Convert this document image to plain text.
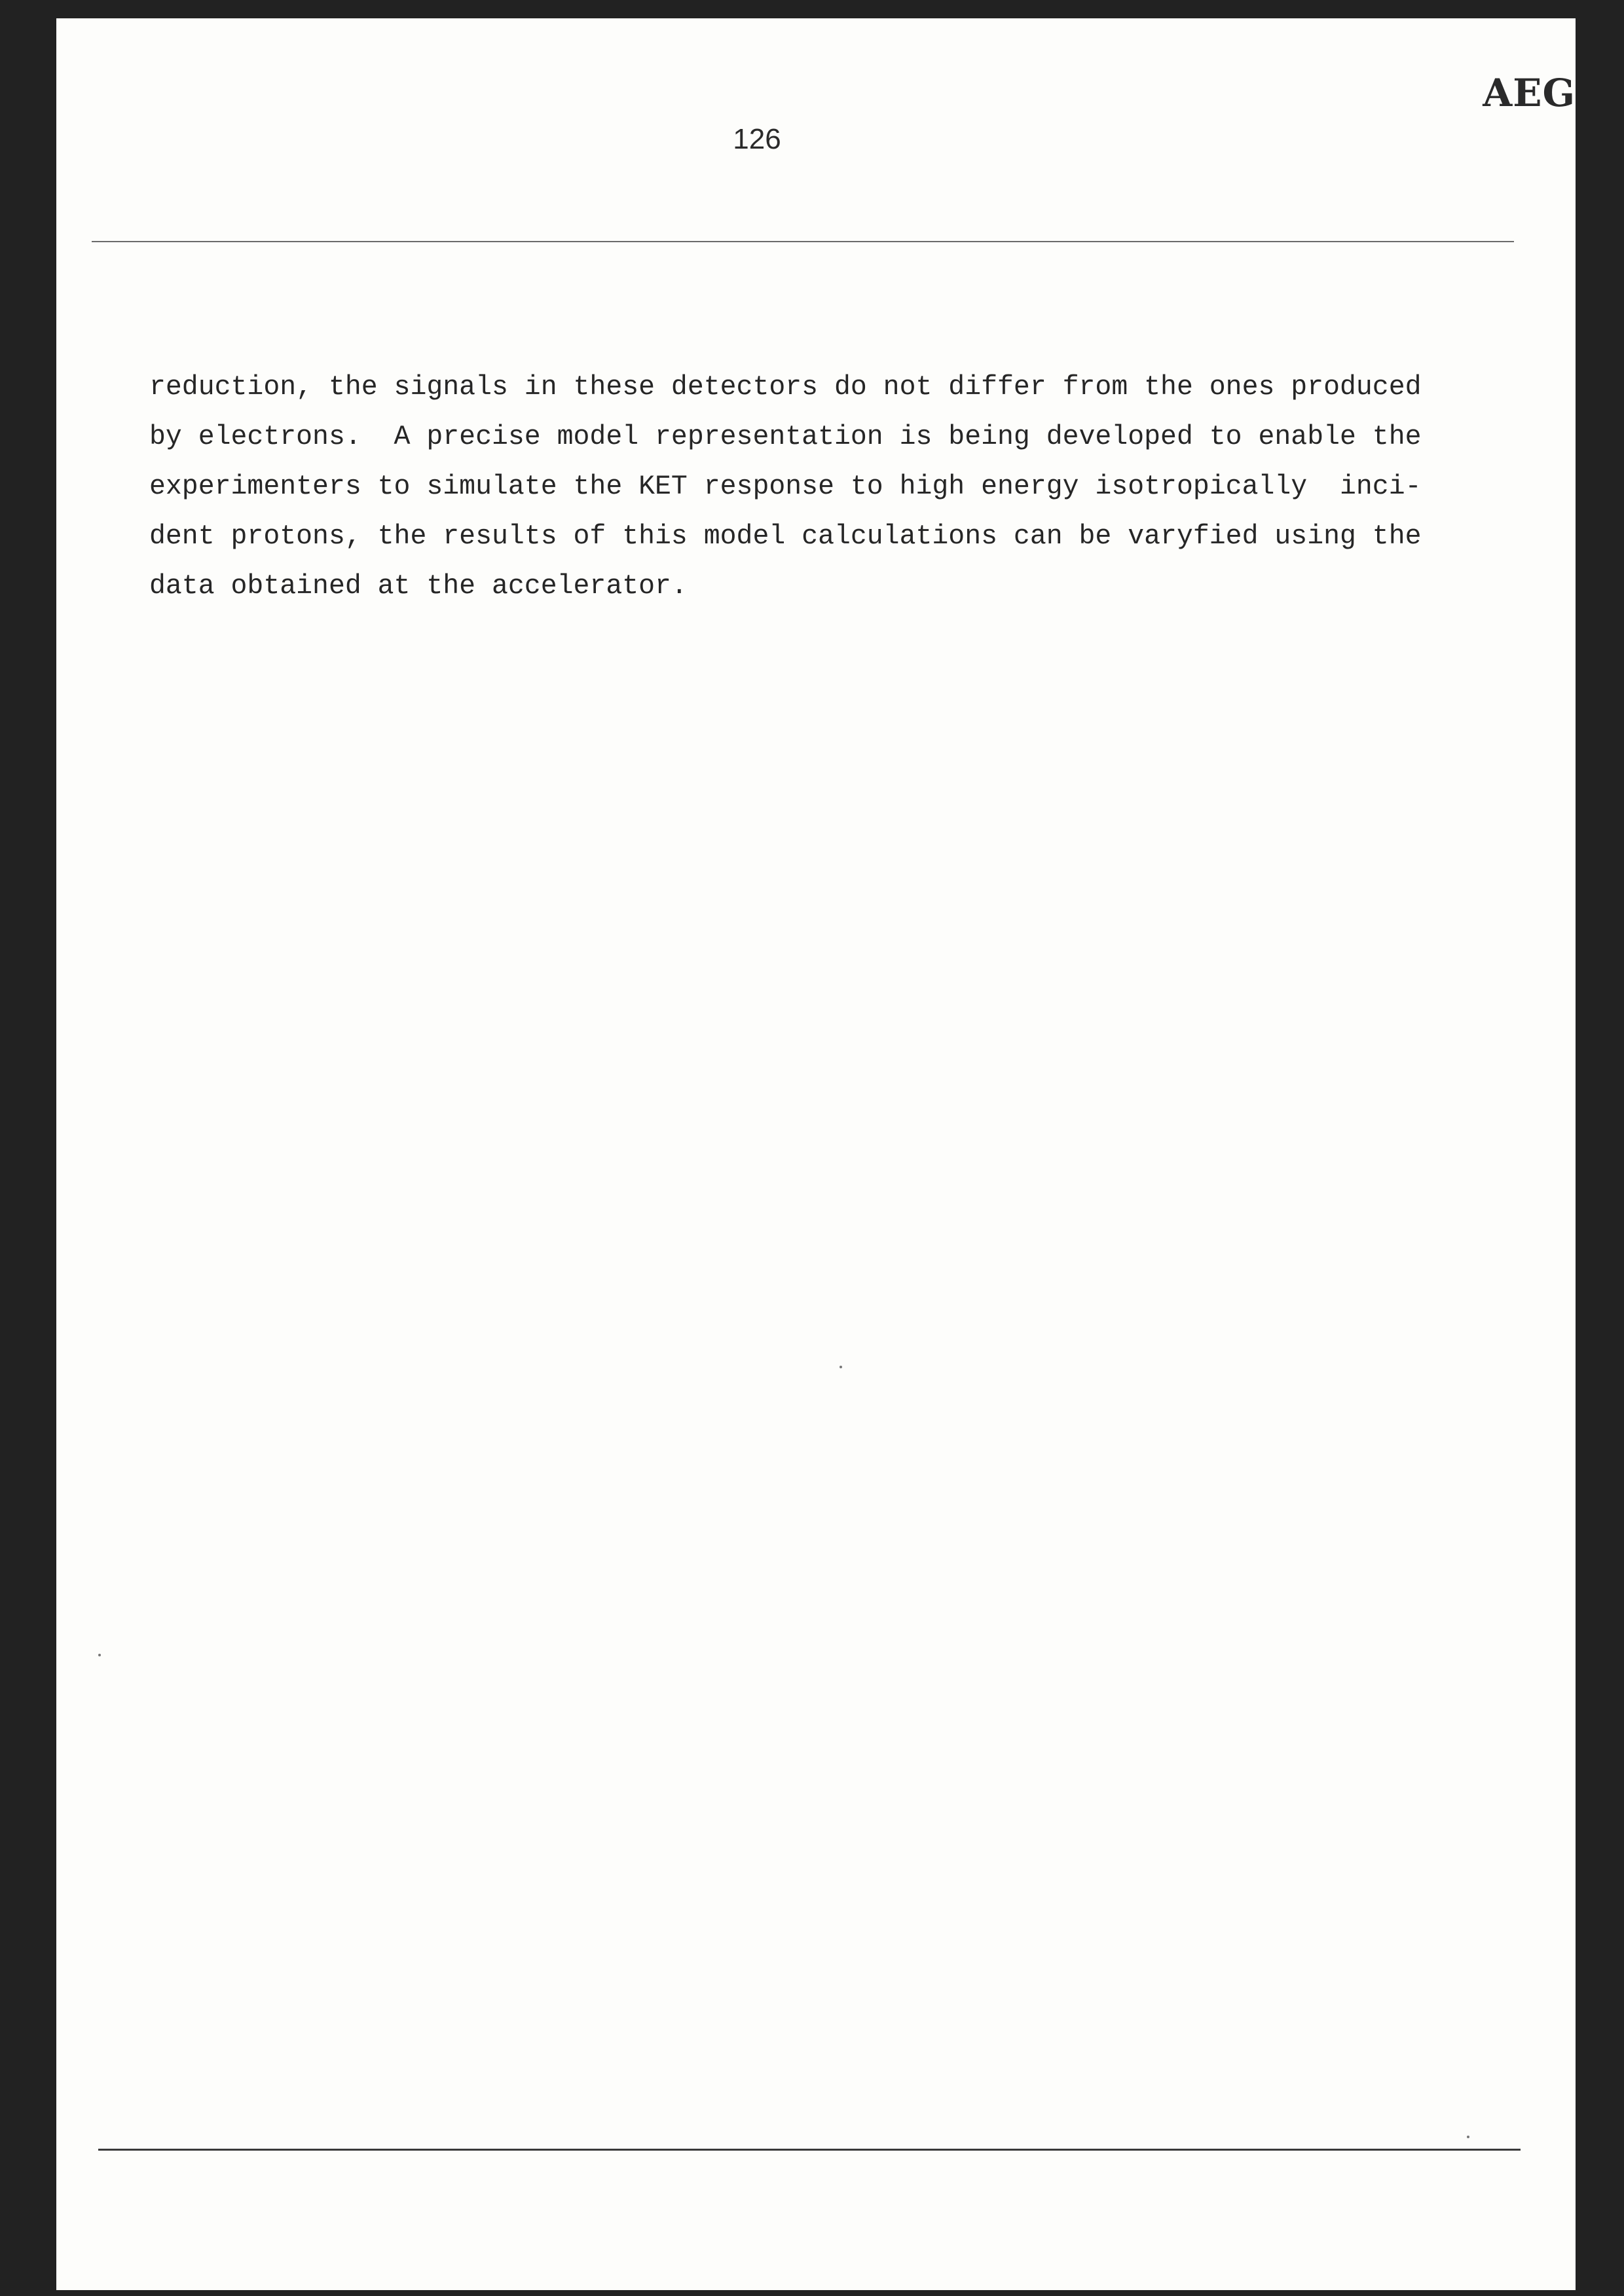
AEG
126
reduction, the signals in these detectors do not differ from the ones produced
by electrons.  A precise model representation is being developed to enable the
experimenters to simulate the KET response to high energy isotropically  inci-
dent protons, the results of this model calculations can be varyfied using the
data obtained at the accelerator.
